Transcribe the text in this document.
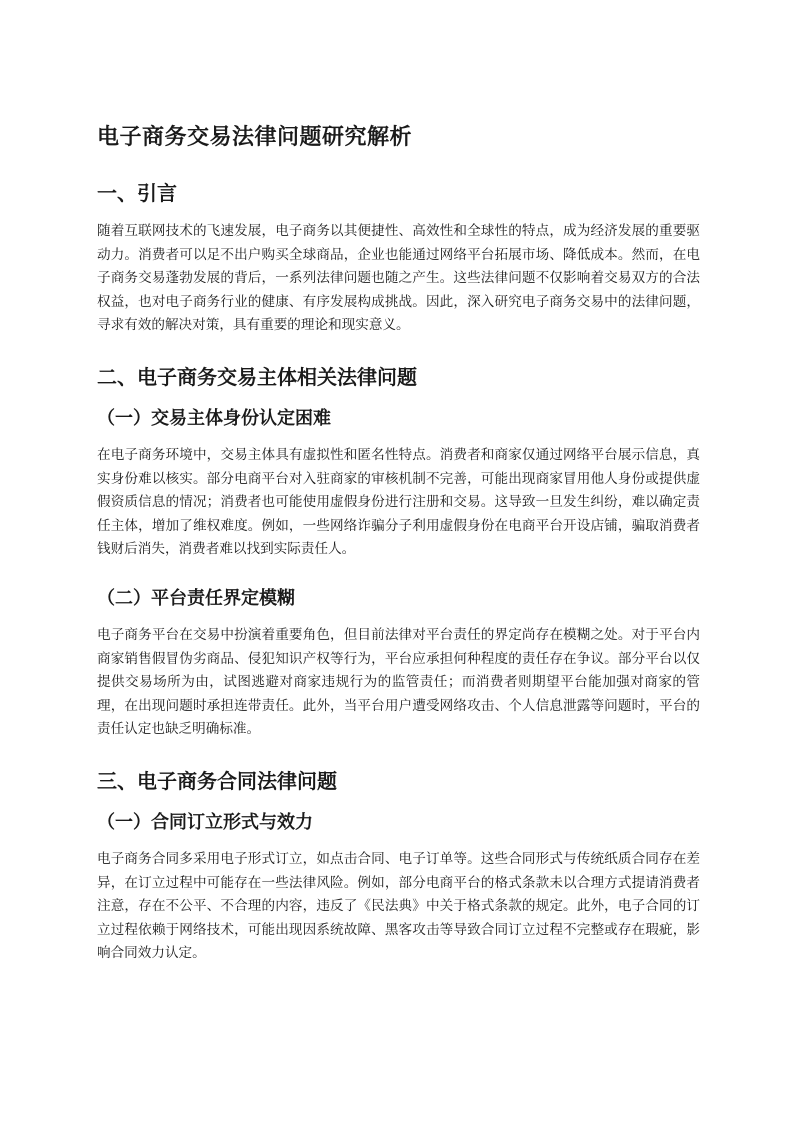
电子商务交易法律问题研究解析
一、引言

随着互联网技术的飞速发展，电子商务以其便捷性、高效性和全球性的特点，成为经济发展的重要驱动力。消费者可以足不出户购买全球商品，企业也能通过网络平台拓展市场、降低成本。然而，在电子商务交易蓬勃发展的背后，一系列法律问题也随之产生。这些法律问题不仅影响着交易双方的合法权益，也对电子商务行业的健康、有序发展构成挑战。因此，深入研究电子商务交易中的法律问题，寻求有效的解决对策，具有重要的理论和现实意义。

二、电子商务交易主体相关法律问题
（一）交易主体身份认定困难

在电子商务环境中，交易主体具有虚拟性和匿名性特点。消费者和商家仅通过网络平台展示信息，真实身份难以核实。部分电商平台对入驻商家的审核机制不完善，可能出现商家冒用他人身份或提供虚假资质信息的情况；消费者也可能使用虚假身份进行注册和交易。这导致一旦发生纠纷，难以确定责任主体，增加了维权难度。例如，一些网络诈骗分子利用虚假身份在电商平台开设店铺，骗取消费者钱财后消失，消费者难以找到实际责任人。

（二）平台责任界定模糊

电子商务平台在交易中扮演着重要角色，但目前法律对平台责任的界定尚存在模糊之处。对于平台内商家销售假冒伪劣商品、侵犯知识产权等行为，平台应承担何种程度的责任存在争议。部分平台以仅提供交易场所为由，试图逃避对商家违规行为的监管责任；而消费者则期望平台能加强对商家的管理，在出现问题时承担连带责任。此外，当平台用户遭受网络攻击、个人信息泄露等问题时，平台的责任认定也缺乏明确标准。

三、电子商务合同法律问题
（一）合同订立形式与效力

电子商务合同多采用电子形式订立，如点击合同、电子订单等。这些合同形式与传统纸质合同存在差异，在订立过程中可能存在一些法律风险。例如，部分电商平台的格式条款未以合理方式提请消费者注意，存在不公平、不合理的内容，违反了《民法典》中关于格式条款的规定。此外，电子合同的订立过程依赖于网络技术，可能出现因系统故障、黑客攻击等导致合同订立过程不完整或存在瑕疵，影响合同效力认定。
